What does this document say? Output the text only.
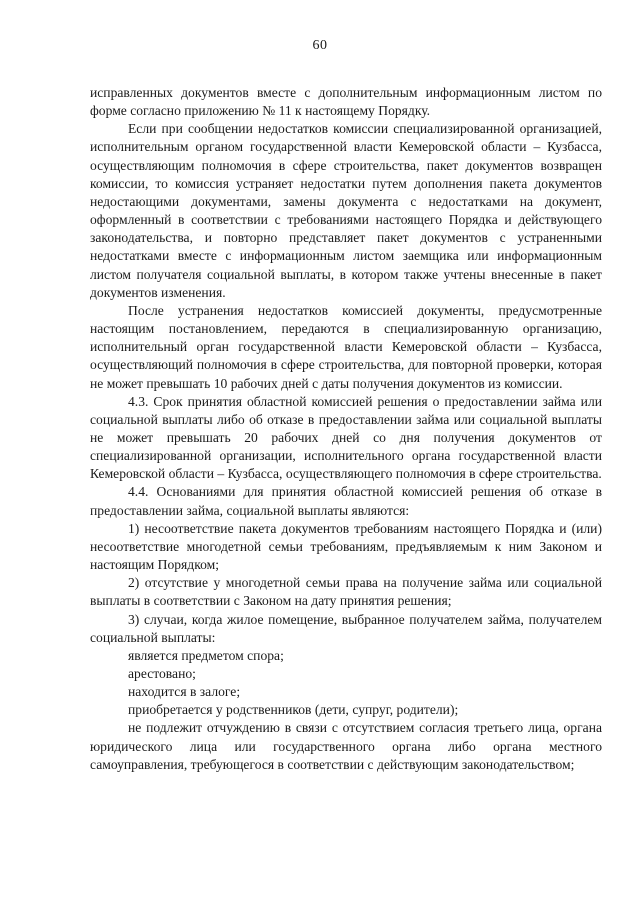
60

исправленных документов вместе с дополнительным информационным листом по форме согласно приложению № 11 к настоящему Порядку.

Если при сообщении недостатков комиссии специализированной организацией, исполнительным органом государственной власти Кемеровской области – Кузбасса, осуществляющим полномочия в сфере строительства, пакет документов возвращен комиссии, то комиссия устраняет недостатки путем дополнения пакета документов недостающими документами, замены документа с недостатками на документ, оформленный в соответствии с требованиями настоящего Порядка и действующего законодательства, и повторно представляет пакет документов с устраненными недостатками вместе с информационным листом заемщика или информационным листом получателя социальной выплаты, в котором также учтены внесенные в пакет документов изменения.

После устранения недостатков комиссией документы, предусмотренные настоящим постановлением, передаются в специализированную организацию, исполнительный орган государственной власти Кемеровской области – Кузбасса, осуществляющий полномочия в сфере строительства, для повторной проверки, которая не может превышать 10 рабочих дней с даты получения документов из комиссии.

4.3. Срок принятия областной комиссией решения о предоставлении займа или социальной выплаты либо об отказе в предоставлении займа или социальной выплаты не может превышать 20 рабочих дней со дня получения документов от специализированной организации, исполнительного органа государственной власти Кемеровской области – Кузбасса, осуществляющего полномочия в сфере строительства.

4.4. Основаниями для принятия областной комиссией решения об отказе в предоставлении займа, социальной выплаты являются:

1) несоответствие пакета документов требованиям настоящего Порядка и (или) несоответствие многодетной семьи требованиям, предъявляемым к ним Законом и настоящим Порядком;

2) отсутствие у многодетной семьи права на получение займа или социальной выплаты в соответствии с Законом на дату принятия решения;

3) случаи, когда жилое помещение, выбранное получателем займа, получателем социальной выплаты:

является предметом спора;

арестовано;

находится в залоге;

приобретается у родственников (дети, супруг, родители);

не подлежит отчуждению в связи с отсутствием согласия третьего лица, органа юридического лица или государственного органа либо органа местного самоуправления, требующегося в соответствии с действующим законодательством;
